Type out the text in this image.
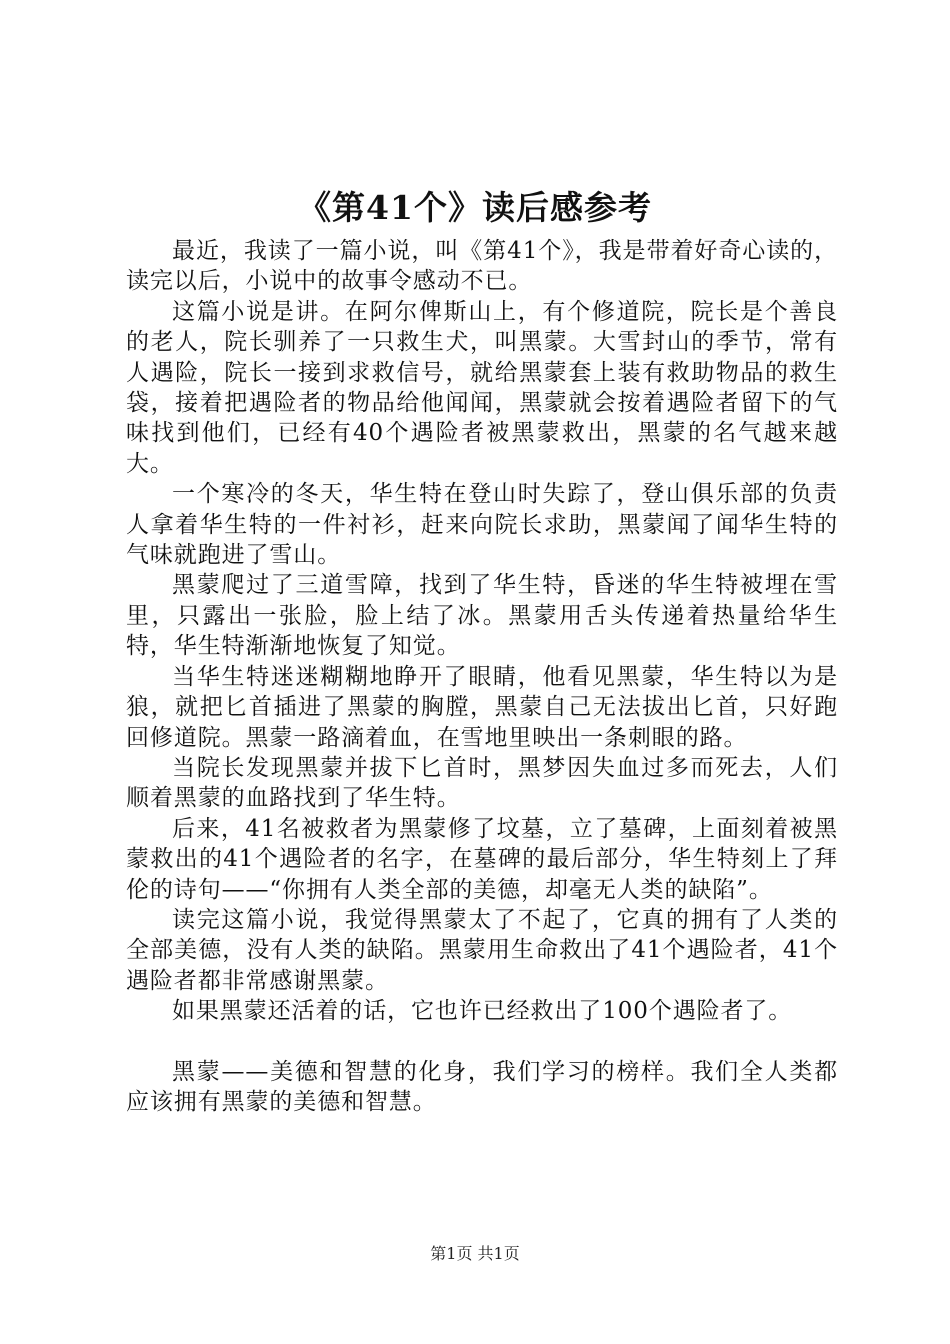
《第41个》读后感参考

最近，我读了一篇小说，叫《第41个》，我是带着好奇心读的，读完以后，小说中的故事令感动不已。

这篇小说是讲。在阿尔俾斯山上，有个修道院，院长是个善良的老人，院长驯养了一只救生犬，叫黑蒙。大雪封山的季节，常有人遇险，院长一接到求救信号，就给黑蒙套上装有救助物品的救生袋，接着把遇险者的物品给他闻闻，黑蒙就会按着遇险者留下的气味找到他们，已经有40个遇险者被黑蒙救出，黑蒙的名气越来越大。

一个寒冷的冬天，华生特在登山时失踪了，登山俱乐部的负责人拿着华生特的一件衬衫，赶来向院长求助，黑蒙闻了闻华生特的气味就跑进了雪山。

黑蒙爬过了三道雪障，找到了华生特，昏迷的华生特被埋在雪里，只露出一张脸，脸上结了冰。黑蒙用舌头传递着热量给华生特，华生特渐渐地恢复了知觉。

当华生特迷迷糊糊地睁开了眼睛，他看见黑蒙，华生特以为是狼，就把匕首插进了黑蒙的胸膛，黑蒙自己无法拔出匕首，只好跑回修道院。黑蒙一路滴着血，在雪地里映出一条刺眼的路。

当院长发现黑蒙并拔下匕首时，黑梦因失血过多而死去，人们顺着黑蒙的血路找到了华生特。

后来，41名被救者为黑蒙修了坟墓，立了墓碑，上面刻着被黑蒙救出的41个遇险者的名字，在墓碑的最后部分，华生特刻上了拜伦的诗句——“你拥有人类全部的美德，却毫无人类的缺陷”。

读完这篇小说，我觉得黑蒙太了不起了，它真的拥有了人类的全部美德，没有人类的缺陷。黑蒙用生命救出了41个遇险者，41个遇险者都非常感谢黑蒙。

如果黑蒙还活着的话，它也许已经救出了100个遇险者了。

黑蒙——美德和智慧的化身，我们学习的榜样。我们全人类都应该拥有黑蒙的美德和智慧。

第1页 共1页
